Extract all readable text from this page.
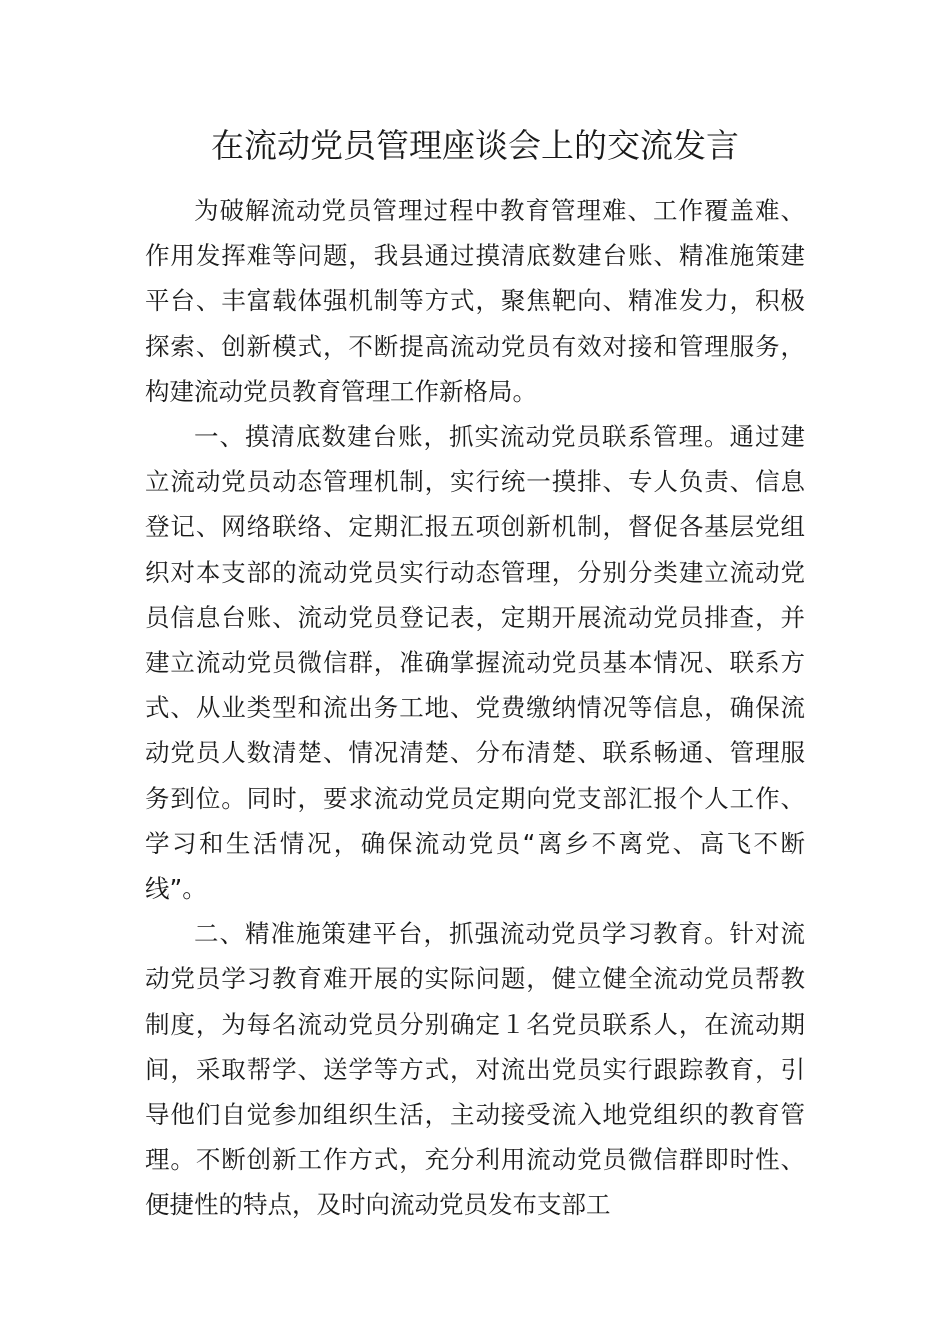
在流动党员管理座谈会上的交流发言

为破解流动党员管理过程中教育管理难、工作覆盖难、作用发挥难等问题，我县通过摸清底数建台账、精准施策建平台、丰富载体强机制等方式，聚焦靶向、精准发力，积极探索、创新模式，不断提高流动党员有效对接和管理服务，构建流动党员教育管理工作新格局。

一、摸清底数建台账，抓实流动党员联系管理。通过建立流动党员动态管理机制，实行统一摸排、专人负责、信息登记、网络联络、定期汇报五项创新机制，督促各基层党组织对本支部的流动党员实行动态管理，分别分类建立流动党员信息台账、流动党员登记表，定期开展流动党员排查，并建立流动党员微信群，准确掌握流动党员基本情况、联系方式、从业类型和流出务工地、党费缴纳情况等信息，确保流动党员人数清楚、情况清楚、分布清楚、联系畅通、管理服务到位。同时，要求流动党员定期向党支部汇报个人工作、学习和生活情况，确保流动党员“离乡不离党、高飞不断线”。

二、精准施策建平台，抓强流动党员学习教育。针对流动党员学习教育难开展的实际问题，健立健全流动党员帮教制度，为每名流动党员分别确定１名党员联系人，在流动期间，采取帮学、送学等方式，对流出党员实行跟踪教育，引导他们自觉参加组织生活，主动接受流入地党组织的教育管理。不断创新工作方式，充分利用流动党员微信群即时性、便捷性的特点，及时向流动党员发布支部工
